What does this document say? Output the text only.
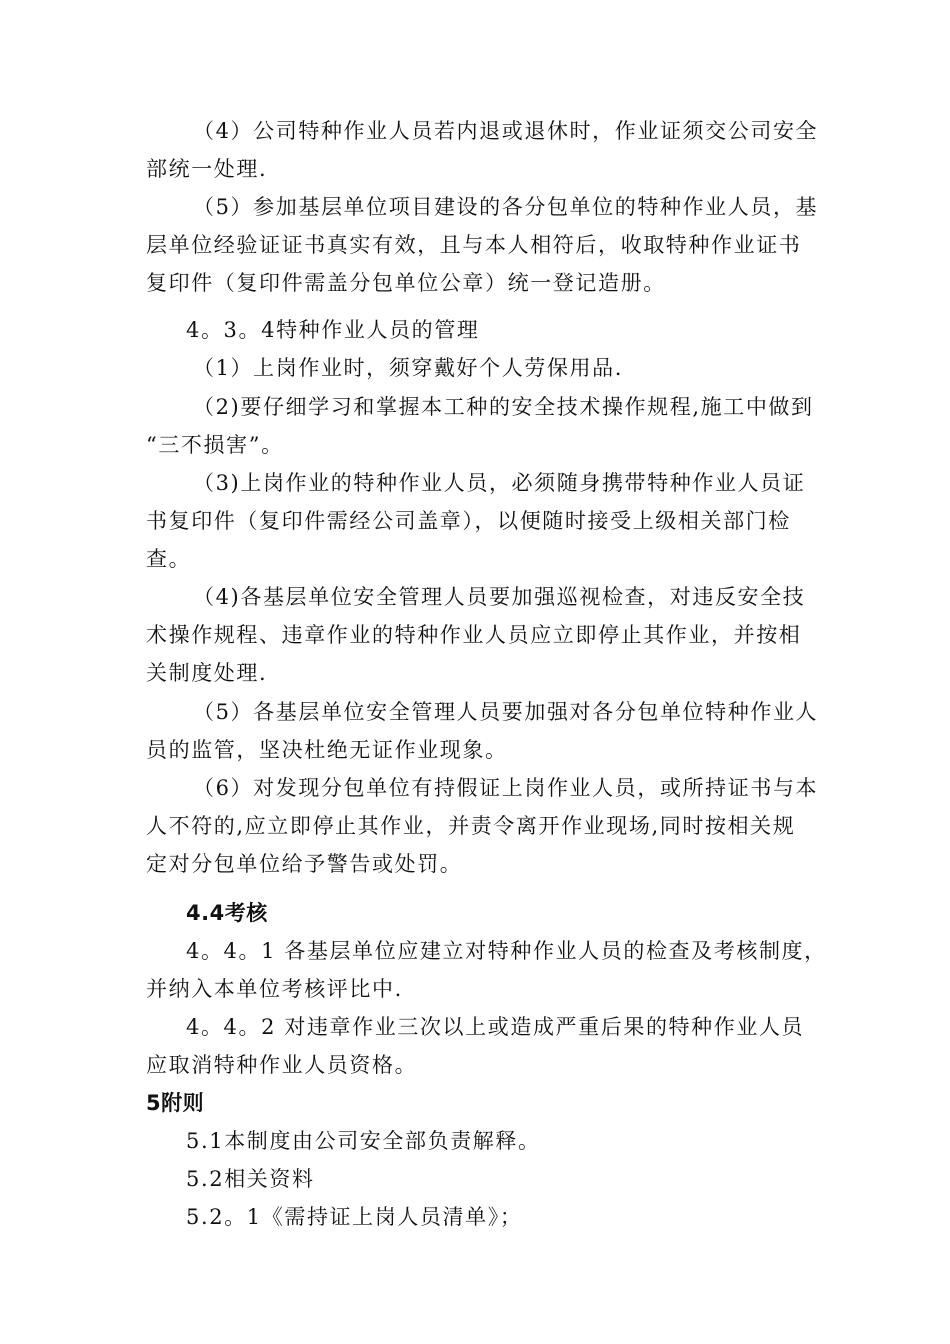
（4）公司特种作业人员若内退或退休时，作业证须交公司安全
部统一处理.
（5）参加基层单位项目建设的各分包单位的特种作业人员，基
层单位经验证证书真实有效，且与本人相符后，收取特种作业证书
复印件（复印件需盖分包单位公章）统一登记造册。
4。3。4特种作业人员的管理
（1）上岗作业时，须穿戴好个人劳保用品.
（2)要仔细学习和掌握本工种的安全技术操作规程,施工中做到
“三不损害”。
（3)上岗作业的特种作业人员，必须随身携带特种作业人员证
书复印件（复印件需经公司盖章），以便随时接受上级相关部门检
查。
（4)各基层单位安全管理人员要加强巡视检查，对违反安全技
术操作规程、违章作业的特种作业人员应立即停止其作业，并按相
关制度处理.
（5）各基层单位安全管理人员要加强对各分包单位特种作业人
员的监管，坚决杜绝无证作业现象。
（6）对发现分包单位有持假证上岗作业人员，或所持证书与本
人不符的,应立即停止其作业，并责令离开作业现场,同时按相关规
定对分包单位给予警告或处罚。
4.4考核
4。4。1 各基层单位应建立对特种作业人员的检查及考核制度，
并纳入本单位考核评比中.
4。4。2 对违章作业三次以上或造成严重后果的特种作业人员
应取消特种作业人员资格。
5附则
5.1本制度由公司安全部负责解释。
5.2相关资料
5.2。1《需持证上岗人员清单》；
